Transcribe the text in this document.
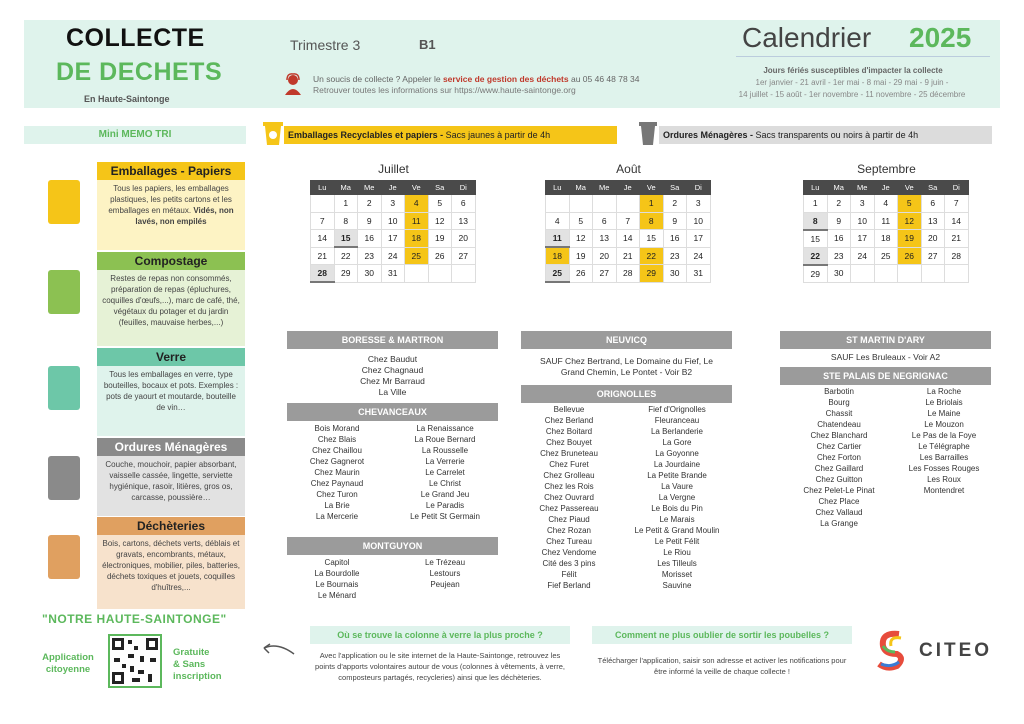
COLLECTE
DE DECHETS
En Haute-Saintonge
Trimestre 3	B1	Calendrier 2025
Jours fériés susceptibles d'impacter la collecte
1er janvier - 21 avril - 1er mai - 8 mai - 29 mai - 9 juin -
14 juillet - 15 août - 1er novembre - 11 novembre - 25 décembre
Un soucis de collecte ? Appeler le service de gestion des déchets au 05 46 48 78 34
Retrouver toutes les informations sur https://www.haute-saintonge.org
Mini MEMO TRI
Emballages - Papiers
Tous les papiers, les emballages plastiques, les petits cartons et les emballages en métaux. Vidés, non lavés, non empilés
Compostage
Restes de repas non consommés, préparation de repas (épluchures, coquilles d'œufs,...), marc de café, thé, végétaux du potager et du jardin (feuilles, mauvaise herbes,...)
Verre
Tous les emballages en verre, type bouteilles, bocaux et pots. Exemples : pots de yaourt et moutarde, bouteille de vin…
Ordures Ménagères
Couche, mouchoir, papier absorbant, vaisselle cassée, lingette, serviette hygiénique, rasoir, litières, gros os, carcasse, poussière…
Déchèteries
Bois, cartons, déchets verts, déblais et gravats, encombrants, métaux, électroniques, mobilier, piles, batteries, déchets toxiques et jouets, coquilles d'huîtres,...
Emballages Recyclables et papiers - Sacs jaunes à partir de 4h	Ordures Ménagères - Sacs transparents ou noirs à partir de 4h
Juillet
Lu	Ma	Me	Je	Ve	Sa	Di
	1	2	3	4	5	6
7	8	9	10	11	12	13
14	15	16	17	18	19	20
21	22	23	24	25	26	27
28	29	30	31			
Août
Lu	Ma	Me	Je	Ve	Sa	Di
				1	2	3
4	5	6	7	8	9	10
11	12	13	14	15	16	17
18	19	20	21	22	23	24
25	26	27	28	29	30	31
Septembre
Lu	Ma	Me	Je	Ve	Sa	Di
1	2	3	4	5	6	7
8	9	10	11	12	13	14
15	16	17	18	19	20	21
22	23	24	25	26	27	28
29	30					
BORESSE & MARTRON
Chez Baudut
Chez Chagnaud
Chez Mr Barraud
La Ville
CHEVANCEAUX
Bois Morand
Chez Blais
Chez Chaillou
Chez Gagnerot
Chez Maurin
Chez Paynaud
Chez Turon
La Brie
La Mercerie
La Renaissance
La Roue Bernard
La Rousselle
La Verrerie
Le Carrelet
Le Christ
Le Grand Jeu
Le Paradis
Le Petit St Germain
MONTGUYON
Capitol
La Bourdolle
Le Bournais
Le Ménard
Le Trézeau
Lestours
Peujean
NEUVICQ
SAUF Chez Bertrand, Le Domaine du Fief, Le
Grand Chemin, Le Pontet - Voir B2
ORIGNOLLES
Bellevue
Chez Berland
Chez Boitard
Chez Bouyet
Chez Bruneteau
Chez Furet
Chez Grolleau
Chez les Rois
Chez Ouvrard
Chez Passereau
Chez Piaud
Chez Rozan
Chez Tureau
Chez Vendome
Cité des 3 pins
Félit
Fief Berland
Fief d'Orignolles
Fleuranceau
La Berlanderie
La Gore
La Goyonne
La Jourdaine
La Petite Brande
La Vaure
La Vergne
Le Bois du Pin
Le Marais
Le Petit & Grand Moulin
Le Petit Félit
Le Riou
Les Tilleuls
Morisset
Sauvine
ST MARTIN D'ARY
SAUF Les Bruleaux - Voir A2
STE PALAIS DE NEGRIGNAC
Barbotin
Bourg
Chassit
Chatendeau
Chez Blanchard
Chez Cartier
Chez Forton
Chez Gaillard
Chez Guitton
Chez Pelet-Le Pinat
Chez Place
Chez Vallaud
La Grange
La Roche
Le Briolais
Le Maine
Le Mouzon
Le Pas de la Foye
Le Télégraphe
Les Barrailles
Les Fosses Rouges
Les Roux
Montendret
"NOTRE HAUTE-SAINTONGE"
Application
citoyenne
Gratuite
& Sans
inscription
Où se trouve la colonne à verre la plus proche ?
Avec l'application ou le site internet de la Haute-Saintonge, retrouvez les points d'apports volontaires autour de vous (colonnes à vêtements, à verre, composteurs partagés, recycleries) ainsi que les déchèteries.
Comment ne plus oublier de sortir les poubelles ?
Télécharger l'application, saisir son adresse et activer les notifications pour être informé la veille de chaque collecte !
CITEO
